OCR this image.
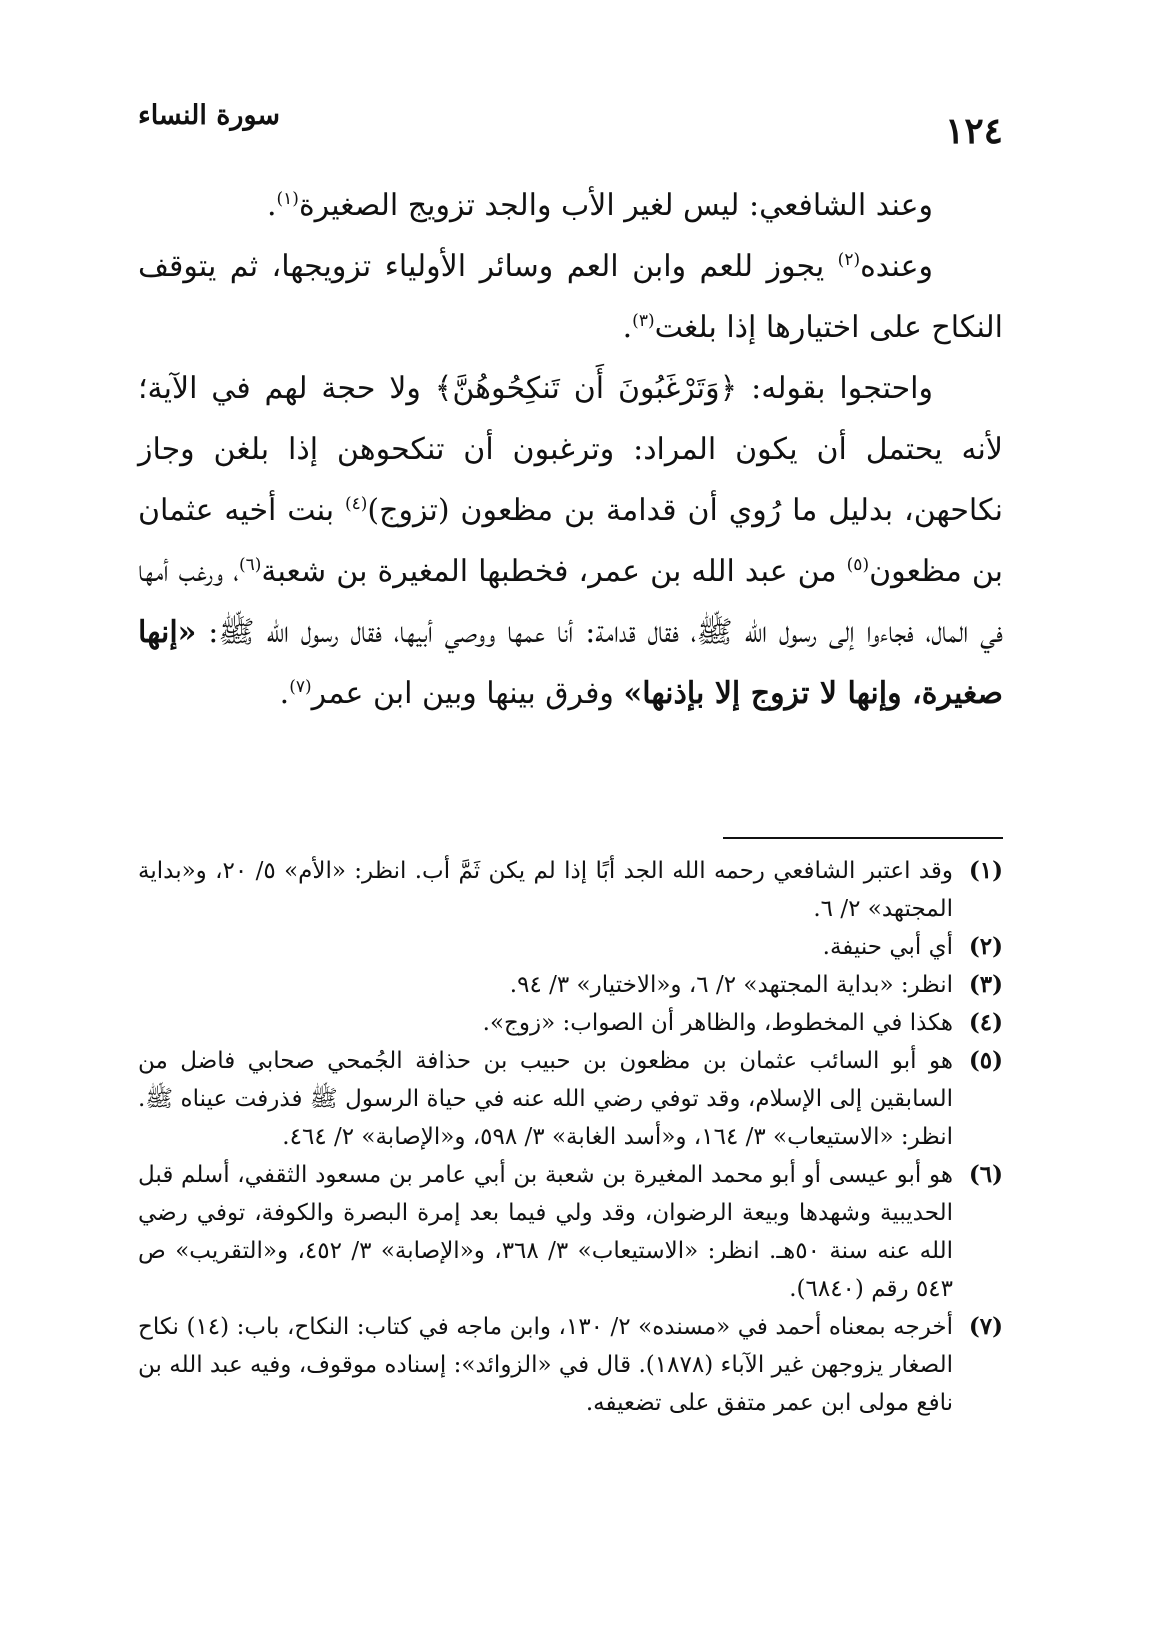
١٢٤
سورة النساء

وعند الشافعي: ليس لغير الأب والجد تزويج الصغيرة$^{(١)}$.

وعنده$^{(٢)}$ يجوز للعم وابن العم وسائر الأولياء تزويجها، ثم يتوقف النكاح على اختيارها إذا بلغت$^{(٣)}$.

واحتجوا بقوله: ﴿وَتَرْغَبُونَ أَن تَنكِحُوهُنَّ﴾ ولا حجة لهم في الآية؛ لأنه يحتمل أن يكون المراد: وترغبون أن تنكحوهن إذا بلغن وجاز نكاحهن، بدليل ما رُوي أن قدامة بن مظعون (تزوج)$^{(٤)}$ بنت أخيه عثمان بن مظعون$^{(٥)}$ من عبد الله بن عمر، فخطبها المغيرة بن شعبة$^{(٦)}$، ورغب أمها في المال، فجاءوا إلى رسول الله ﷺ، فقال قدامة: أنا عمها ووصي أبيها، فقال رسول الله ﷺ: «إنها صغيرة، وإنها لا تزوج إلا بإذنها» وفرق بينها وبين ابن عمر$^{(٧)}$.

(١)
وقد اعتبر الشافعي رحمه الله الجد أبًا إذا لم يكن ثَمَّ أب. انظر: «الأم» ٥/ ٢٠، و«بداية المجتهد» ٢/ ٦.
(٢)
أي أبي حنيفة.
(٣)
انظر: «بداية المجتهد» ٢/ ٦، و«الاختيار» ٣/ ٩٤.
(٤)
هكذا في المخطوط، والظاهر أن الصواب: «زوج».
(٥)
هو أبو السائب عثمان بن مظعون بن حبيب بن حذافة الجُمحي صحابي فاضل من السابقين إلى الإسلام، وقد توفي رضي الله عنه في حياة الرسول ﷺ فذرفت عيناه ﷺ. انظر: «الاستيعاب» ٣/ ١٦٤، و«أسد الغابة» ٣/ ٥٩٨، و«الإصابة» ٢/ ٤٦٤.
(٦)
هو أبو عيسى أو أبو محمد المغيرة بن شعبة بن أبي عامر بن مسعود الثقفي، أسلم قبل الحديبية وشهدها وبيعة الرضوان، وقد ولي فيما بعد إمرة البصرة والكوفة، توفي رضي الله عنه سنة ٥٠هـ. انظر: «الاستيعاب» ٣/ ٣٦٨، و«الإصابة» ٣/ ٤٥٢، و«التقريب» ص ٥٤٣ رقم (٦٨٤٠).
(٧)
أخرجه بمعناه أحمد في «مسنده» ٢/ ١٣٠، وابن ماجه في كتاب: النكاح، باب: (١٤) نكاح الصغار يزوجهن غير الآباء (١٨٧٨). قال في «الزوائد»: إسناده موقوف، وفيه عبد الله بن نافع مولى ابن عمر متفق على تضعيفه.
